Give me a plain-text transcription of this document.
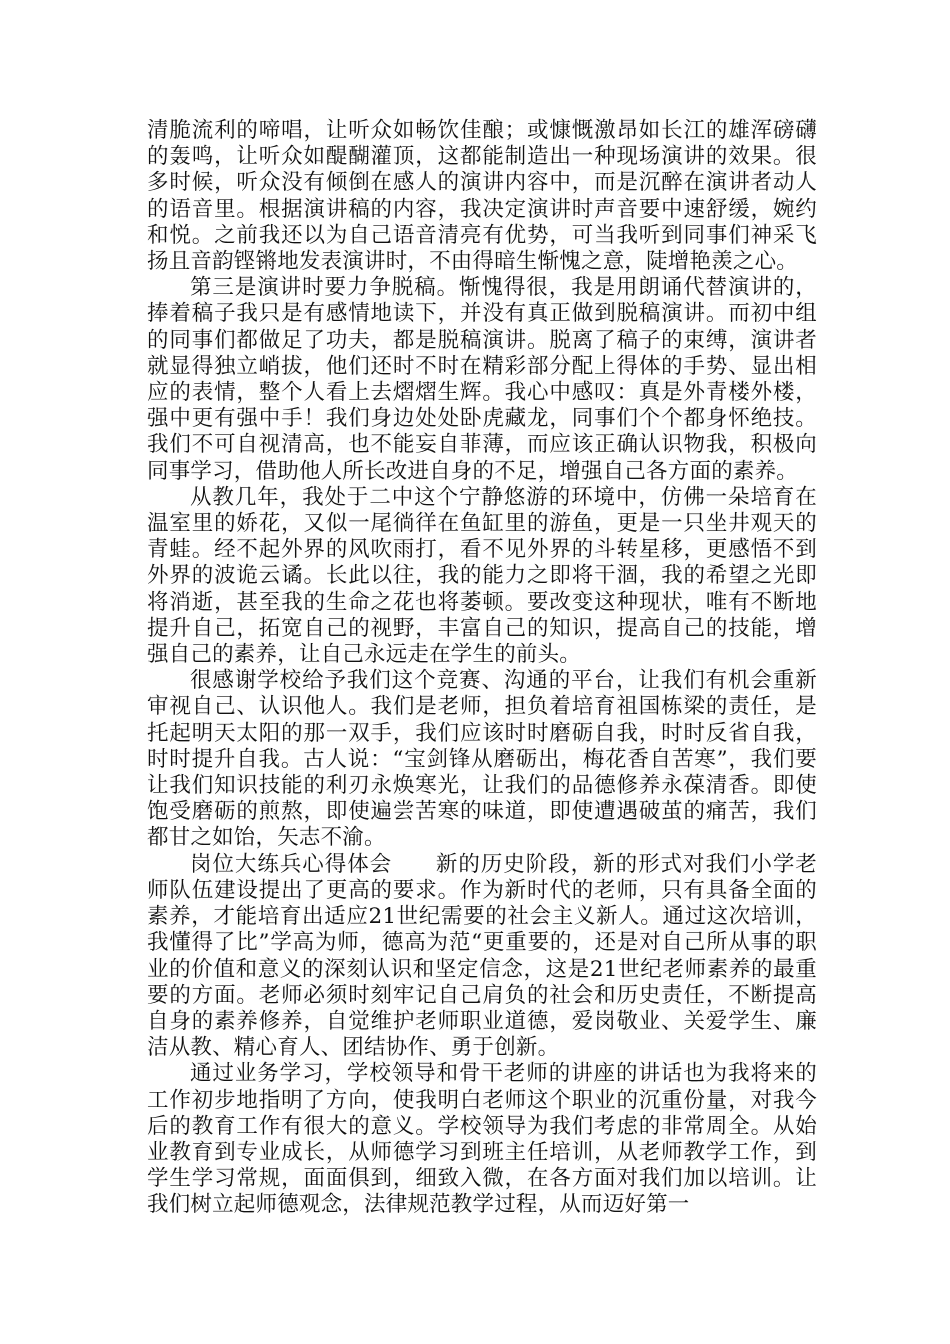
清脆流利的啼唱，让听众如畅饮佳酿；或慷慨激昂如长江的雄浑磅礴的轰鸣，让听众如醍醐灌顶，这都能制造出一种现场演讲的效果。很多时候，听众没有倾倒在感人的演讲内容中，而是沉醉在演讲者动人的语音里。根据演讲稿的内容，我决定演讲时声音要中速舒缓，婉约和悦。之前我还以为自己语音清亮有优势，可当我听到同事们神采飞扬且音韵铿锵地发表演讲时，不由得暗生惭愧之意，陡增艳羡之心。

第三是演讲时要力争脱稿。惭愧得很，我是用朗诵代替演讲的，捧着稿子我只是有感情地读下，并没有真正做到脱稿演讲。而初中组的同事们都做足了功夫，都是脱稿演讲。脱离了稿子的束缚，演讲者就显得独立峭拔，他们还时不时在精彩部分配上得体的手势、显出相应的表情，整个人看上去熠熠生辉。我心中感叹：真是外青楼外楼，强中更有强中手！我们身边处处卧虎藏龙，同事们个个都身怀绝技。我们不可自视清高，也不能妄自菲薄，而应该正确认识物我，积极向同事学习，借助他人所长改进自身的不足，增强自己各方面的素养。

从教几年，我处于二中这个宁静悠游的环境中，仿佛一朵培育在温室里的娇花，又似一尾徜徉在鱼缸里的游鱼，更是一只坐井观天的青蛙。经不起外界的风吹雨打，看不见外界的斗转星移，更感悟不到外界的波诡云谲。长此以往，我的能力之即将干涸，我的希望之光即将消逝，甚至我的生命之花也将萎顿。要改变这种现状，唯有不断地提升自己，拓宽自己的视野，丰富自己的知识，提高自己的技能，增强自己的素养，让自己永远走在学生的前头。

很感谢学校给予我们这个竞赛、沟通的平台，让我们有机会重新审视自己、认识他人。我们是老师，担负着培育祖国栋梁的责任，是托起明天太阳的那一双手，我们应该时时磨砺自我，时时反省自我，时时提升自我。古人说：“宝剑锋从磨砺出，梅花香自苦寒”，我们要让我们知识技能的利刃永焕寒光，让我们的品德修养永葆清香。即使饱受磨砺的煎熬，即使遍尝苦寒的味道，即使遭遇破茧的痛苦，我们都甘之如饴，矢志不渝。

岗位大练兵心得体会 新的历史阶段，新的形式对我们小学老师队伍建设提出了更高的要求。作为新时代的老师，只有具备全面的素养，才能培育出适应21世纪需要的社会主义新人。通过这次培训，我懂得了比”学高为师，德高为范“更重要的，还是对自己所从事的职业的价值和意义的深刻认识和坚定信念，这是21世纪老师素养的最重要的方面。老师必须时刻牢记自己肩负的社会和历史责任，不断提高自身的素养修养，自觉维护老师职业道德，爱岗敬业、关爱学生、廉洁从教、精心育人、团结协作、勇于创新。

通过业务学习，学校领导和骨干老师的讲座的讲话也为我将来的工作初步地指明了方向，使我明白老师这个职业的沉重份量，对我今后的教育工作有很大的意义。学校领导为我们考虑的非常周全。从始业教育到专业成长，从师德学习到班主任培训，从老师教学工作，到学生学习常规，面面俱到，细致入微，在各方面对我们加以培训。让我们树立起师德观念，法律规范教学过程，从而迈好第一
